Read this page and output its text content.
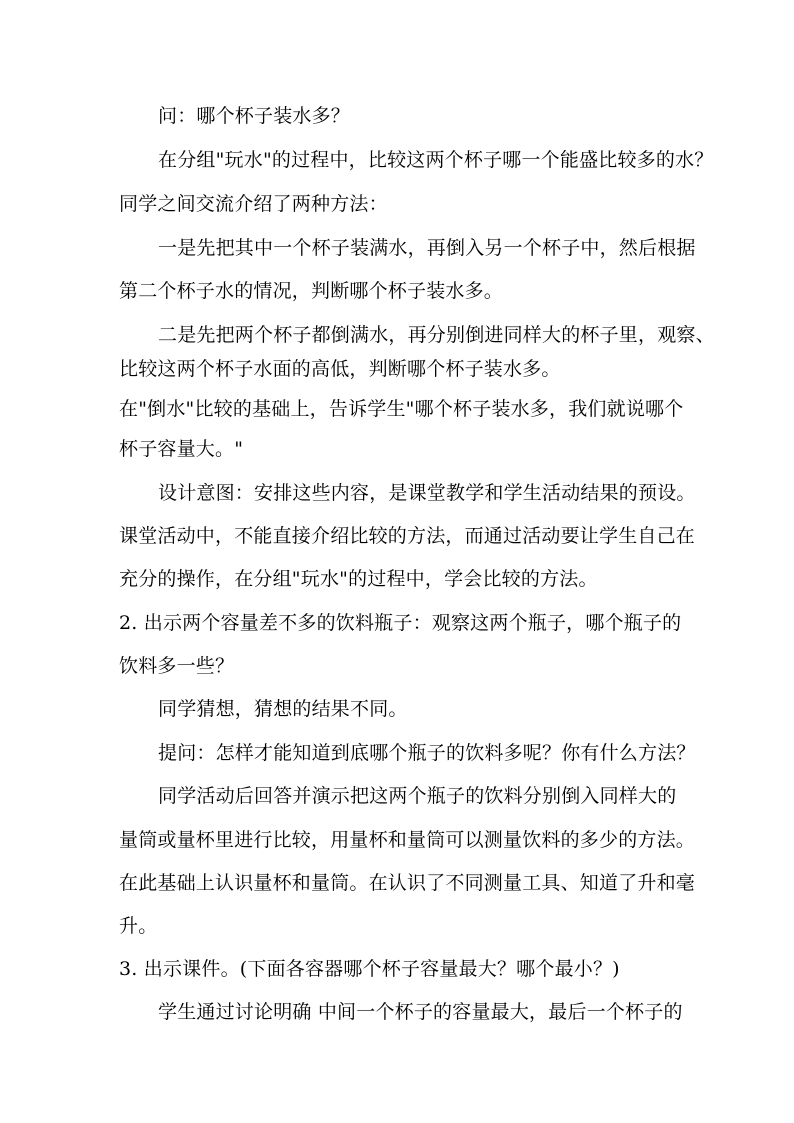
问：哪个杯子装水多？
在分组"玩水"的过程中，比较这两个杯子哪一个能盛比较多的水？
同学之间交流介绍了两种方法：
一是先把其中一个杯子装满水，再倒入另一个杯子中，然后根据
第二个杯子水的情况，判断哪个杯子装水多。
二是先把两个杯子都倒满水，再分别倒进同样大的杯子里，观察、
比较这两个杯子水面的高低，判断哪个杯子装水多。
在"倒水"比较的基础上，告诉学生"哪个杯子装水多，我们就说哪个
杯子容量大。"
设计意图：安排这些内容，是课堂教学和学生活动结果的预设。
课堂活动中，不能直接介绍比较的方法，而通过活动要让学生自己在
充分的操作，在分组"玩水"的过程中，学会比较的方法。
2. 出示两个容量差不多的饮料瓶子：观察这两个瓶子，哪个瓶子的
饮料多一些？
同学猜想，猜想的结果不同。
提问：怎样才能知道到底哪个瓶子的饮料多呢？你有什么方法？
同学活动后回答并演示把这两个瓶子的饮料分别倒入同样大的
量筒或量杯里进行比较，用量杯和量筒可以测量饮料的多少的方法。
在此基础上认识量杯和量筒。在认识了不同测量工具、知道了升和毫
升。
3. 出示课件。(下面各容器哪个杯子容量最大？哪个最小？)
学生通过讨论明确 中间一个杯子的容量最大，最后一个杯子的
